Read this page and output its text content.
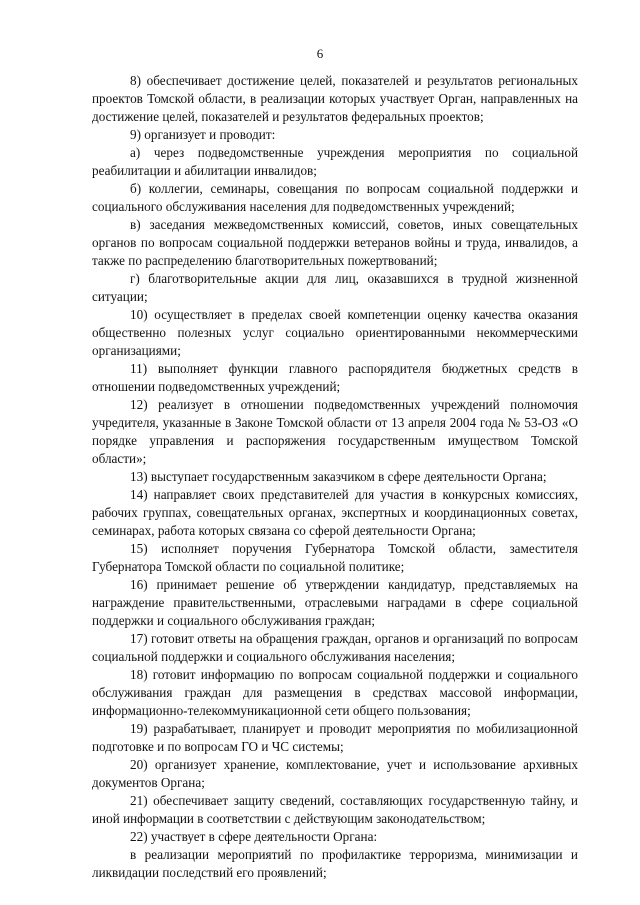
6

8) обеспечивает достижение целей, показателей и результатов региональных проектов Томской области, в реализации которых участвует Орган, направленных на достижение целей, показателей и результатов федеральных проектов;

9) организует и проводит:

а) через подведомственные учреждения мероприятия по социальной реабилитации и абилитации инвалидов;

б) коллегии, семинары, совещания по вопросам социальной поддержки и социального обслуживания населения для подведомственных учреждений;

в) заседания межведомственных комиссий, советов, иных совещательных органов по вопросам социальной поддержки ветеранов войны и труда, инвалидов, а также по распределению благотворительных пожертвований;

г) благотворительные акции для лиц, оказавшихся в трудной жизненной ситуации;

10) осуществляет в пределах своей компетенции оценку качества оказания общественно полезных услуг социально ориентированными некоммерческими организациями;

11) выполняет функции главного распорядителя бюджетных средств в отношении подведомственных учреждений;

12) реализует в отношении подведомственных учреждений полномочия учредителя, указанные в Законе Томской области от 13 апреля 2004 года № 53-ОЗ «О порядке управления и распоряжения государственным имуществом Томской области»;

13) выступает государственным заказчиком в сфере деятельности Органа;

14) направляет своих представителей для участия в конкурсных комиссиях, рабочих группах, совещательных органах, экспертных и координационных советах, семинарах, работа которых связана со сферой деятельности Органа;

15) исполняет поручения Губернатора Томской области, заместителя Губернатора Томской области по социальной политике;

16) принимает решение об утверждении кандидатур, представляемых на награждение правительственными, отраслевыми наградами в сфере социальной поддержки и социального обслуживания граждан;

17) готовит ответы на обращения граждан, органов и организаций по вопросам социальной поддержки и социального обслуживания населения;

18) готовит информацию по вопросам социальной поддержки и социального обслуживания граждан для размещения в средствах массовой информации, информационно-телекоммуникационной сети общего пользования;

19) разрабатывает, планирует и проводит мероприятия по мобилизационной подготовке и по вопросам ГО и ЧС системы;

20) организует хранение, комплектование, учет и использование архивных документов Органа;

21) обеспечивает защиту сведений, составляющих государственную тайну, и иной информации в соответствии с действующим законодательством;

22) участвует в сфере деятельности Органа:

в реализации мероприятий по профилактике терроризма, минимизации и ликвидации последствий его проявлений;
